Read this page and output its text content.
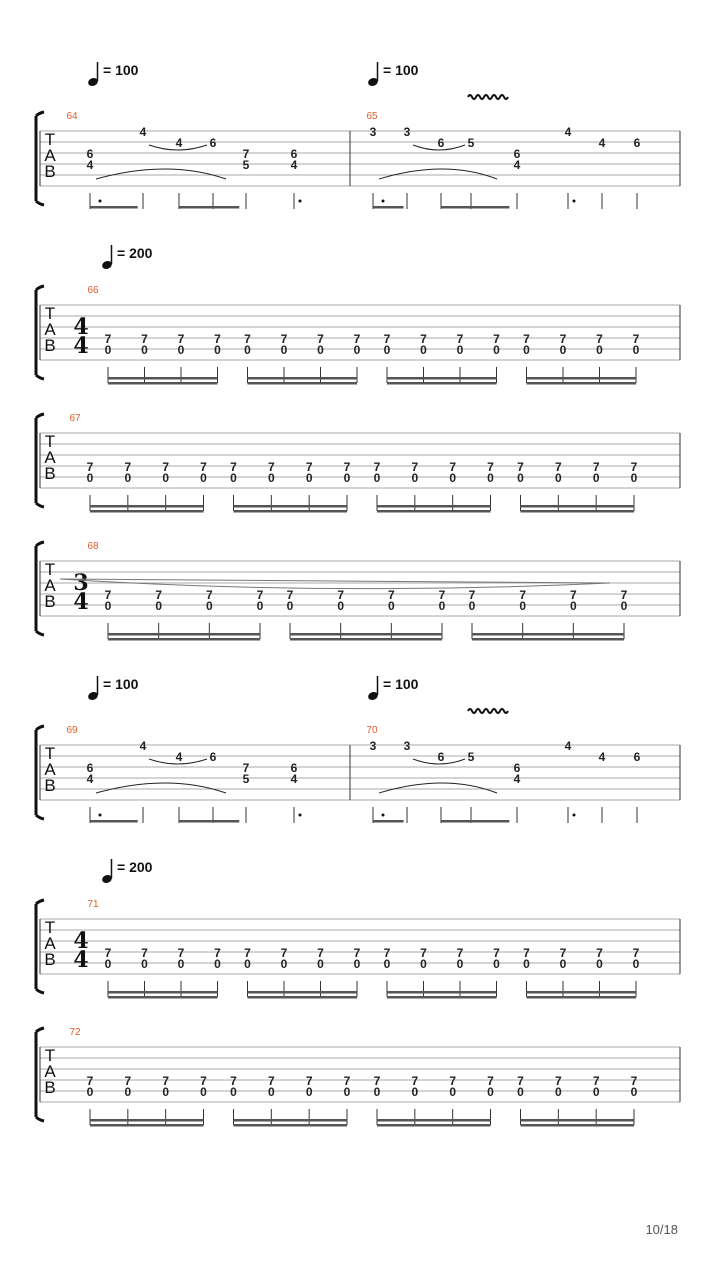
T
A
B
64
6
4
4
4 6
7
5
6
4
= 100
65
3 3
6 5
6
4
4
4 6
= 100
T
A
B
66
= 200
4
4 7
0
7
0
7
0
7
0
7
0
7
0
7
0
7
0
7
0
7
0
7
0
7
0
7
0
7
0
7
0
7
0
T
A
B
67
7
0
7
0
7
0
7
0
7
0
7
0
7
0
7
0
7
0
7
0
7
0
7
0
7
0
7
0
7
0
7
0
T
A
B
68
3
4 7
0
7
0
7
0
7
0
7
0
7
0
7
0
7
0
7
0
7
0
7
0
7
0
T
A
B
69
6
4
4
4 6
7
5
6
4
= 100
70
3 3
6 5
6
4
4
4 6
= 100
T
A
B
71
= 200
4
4 7
0
7
0
7
0
7
0
7
0
7
0
7
0
7
0
7
0
7
0
7
0
7
0
7
0
7
0
7
0
7
0
T
A
B
72
7
0
7
0
7
0
7
0
7
0
7
0
7
0
7
0
7
0
7
0
7
0
7
0
7
0
7
0
7
0
7
0
10/18
